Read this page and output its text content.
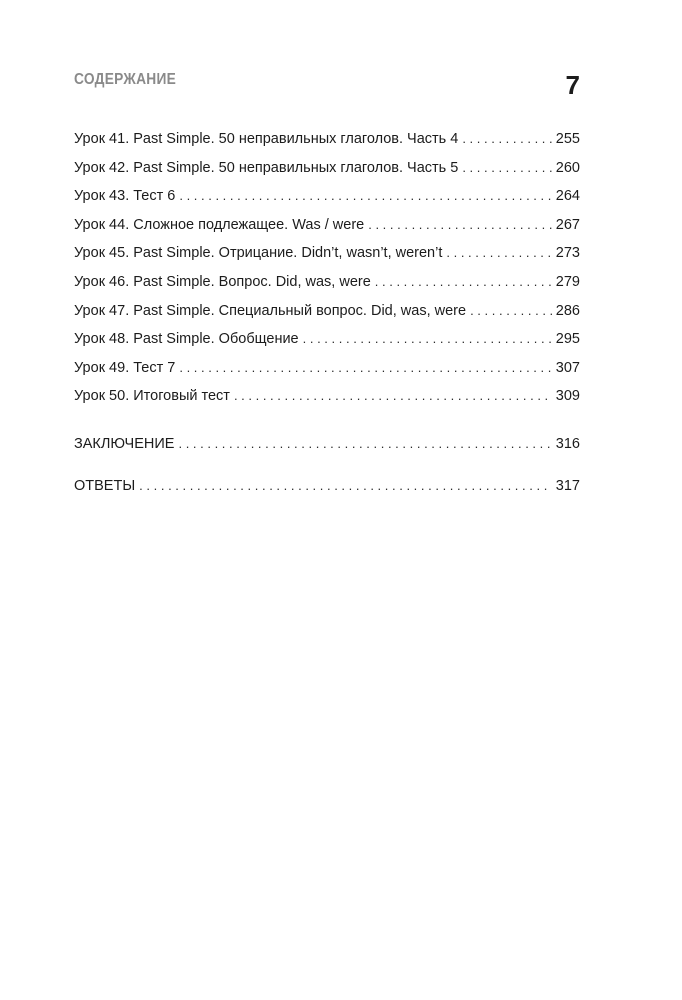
СОДЕРЖАНИЕ	7
Урок 41. Past Simple. 50 неправильных глаголов. Часть 4 . . .	255
Урок 42. Past Simple. 50 неправильных глаголов. Часть 5 . . .	260
Урок 43. Тест 6 . . .	264
Урок 44. Сложное подлежащее. Was / were . . .	267
Урок 45. Past Simple. Отрицание. Didn’t, wasn’t, weren’t . . .	273
Урок 46. Past Simple. Вопрос. Did, was, were . . .	279
Урок 47. Past Simple. Специальный вопрос. Did, was, were . . .	286
Урок 48. Past Simple. Обобщение . . .	295
Урок 49. Тест 7 . . .	307
Урок 50. Итоговый тест . . .	309
ЗАКЛЮЧЕНИЕ . . .	316
ОТВЕТЫ . . .	317
